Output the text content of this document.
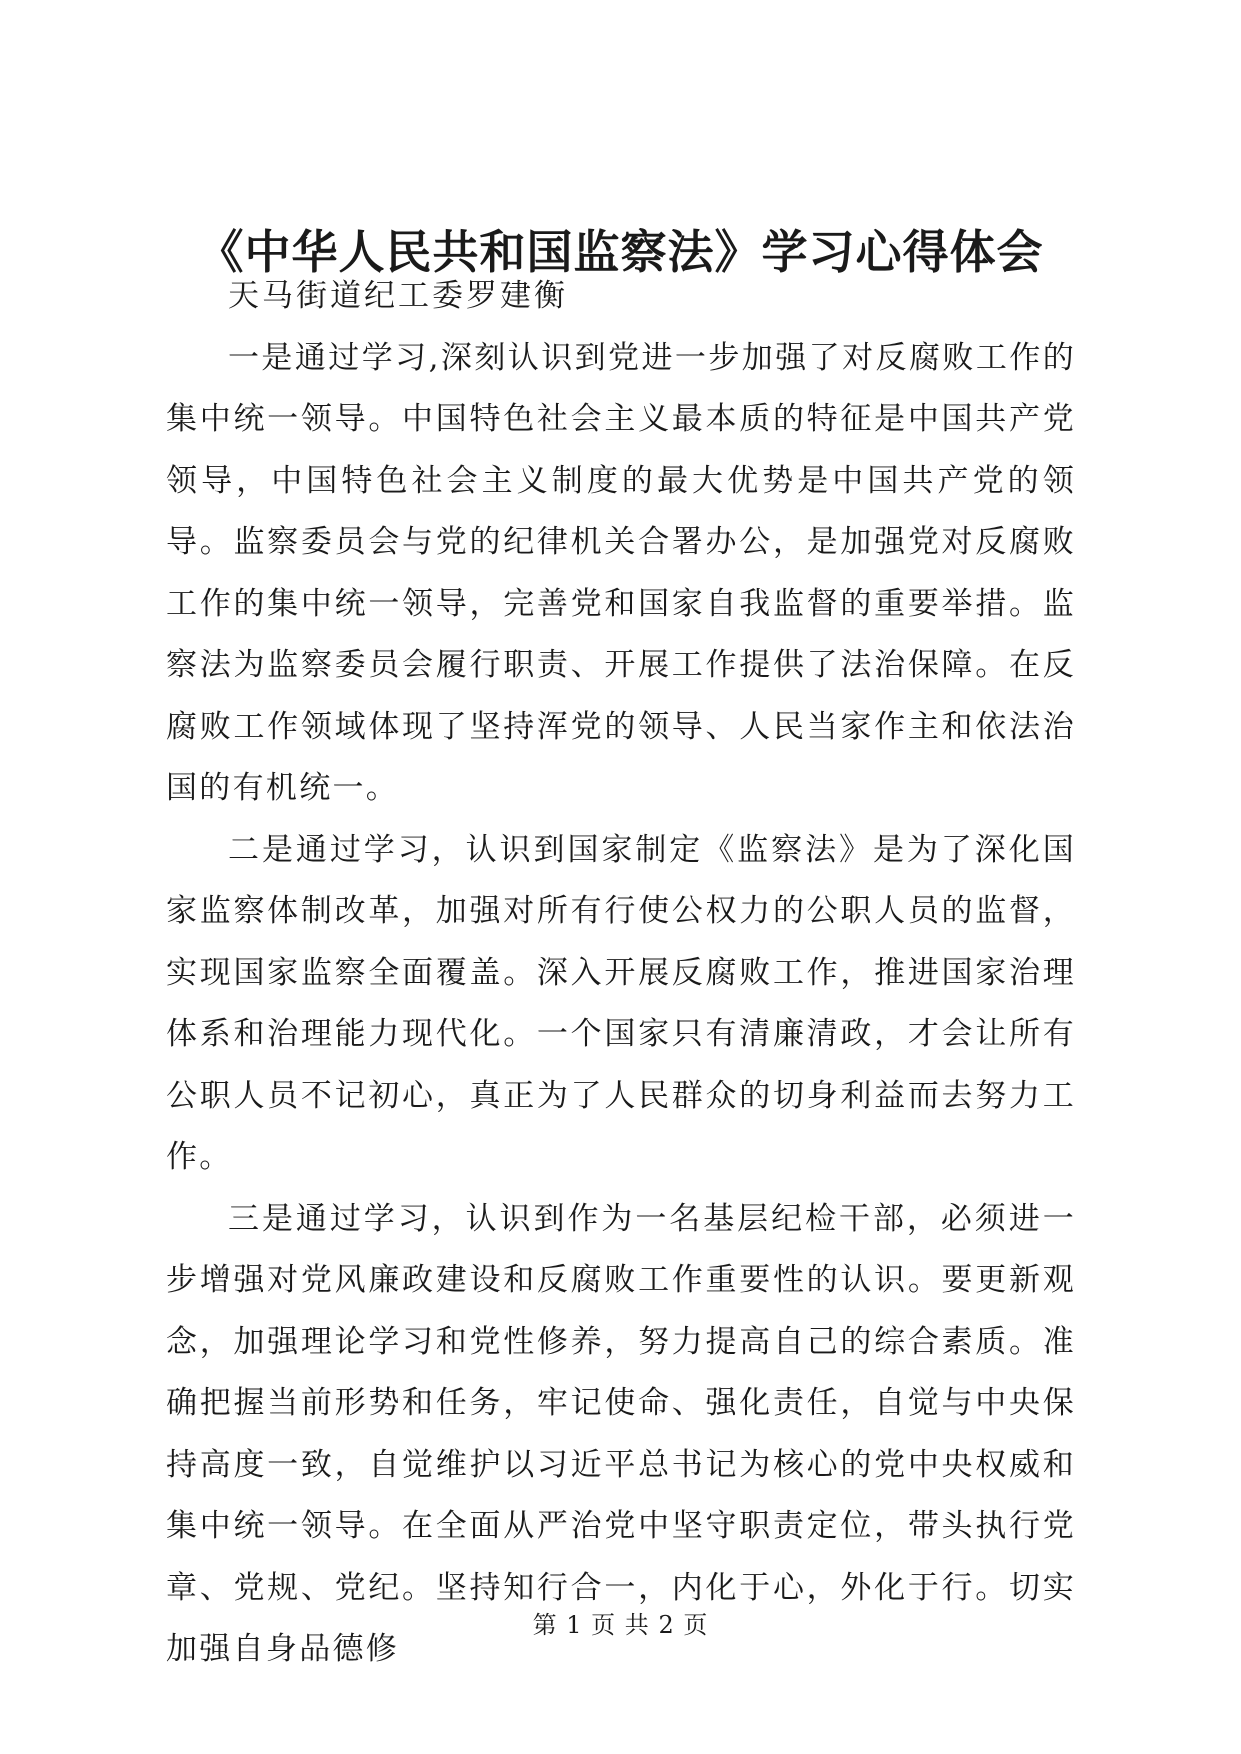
《中华人民共和国监察法》学习心得体会

天马街道纪工委罗建衡

一是通过学习,深刻认识到党进一步加强了对反腐败工作的集中统一领导。中国特色社会主义最本质的特征是中国共产党领导，中国特色社会主义制度的最大优势是中国共产党的领导。监察委员会与党的纪律机关合署办公，是加强党对反腐败工作的集中统一领导，完善党和国家自我监督的重要举措。监察法为监察委员会履行职责、开展工作提供了法治保障。在反腐败工作领域体现了坚持浑党的领导、人民当家作主和依法治国的有机统一。

二是通过学习，认识到国家制定《监察法》是为了深化国家监察体制改革，加强对所有行使公权力的公职人员的监督，实现国家监察全面覆盖。深入开展反腐败工作，推进国家治理体系和治理能力现代化。一个国家只有清廉清政，才会让所有公职人员不记初心，真正为了人民群众的切身利益而去努力工作。

三是通过学习，认识到作为一名基层纪检干部，必须进一步增强对党风廉政建设和反腐败工作重要性的认识。要更新观念，加强理论学习和党性修养，努力提高自己的综合素质。准确把握当前形势和任务，牢记使命、强化责任，自觉与中央保持高度一致，自觉维护以习近平总书记为核心的党中央权威和集中统一领导。在全面从严治党中坚守职责定位，带头执行党章、党规、党纪。坚持知行合一，内化于心，外化于行。切实加强自身品德修

第 1 页 共 2 页
